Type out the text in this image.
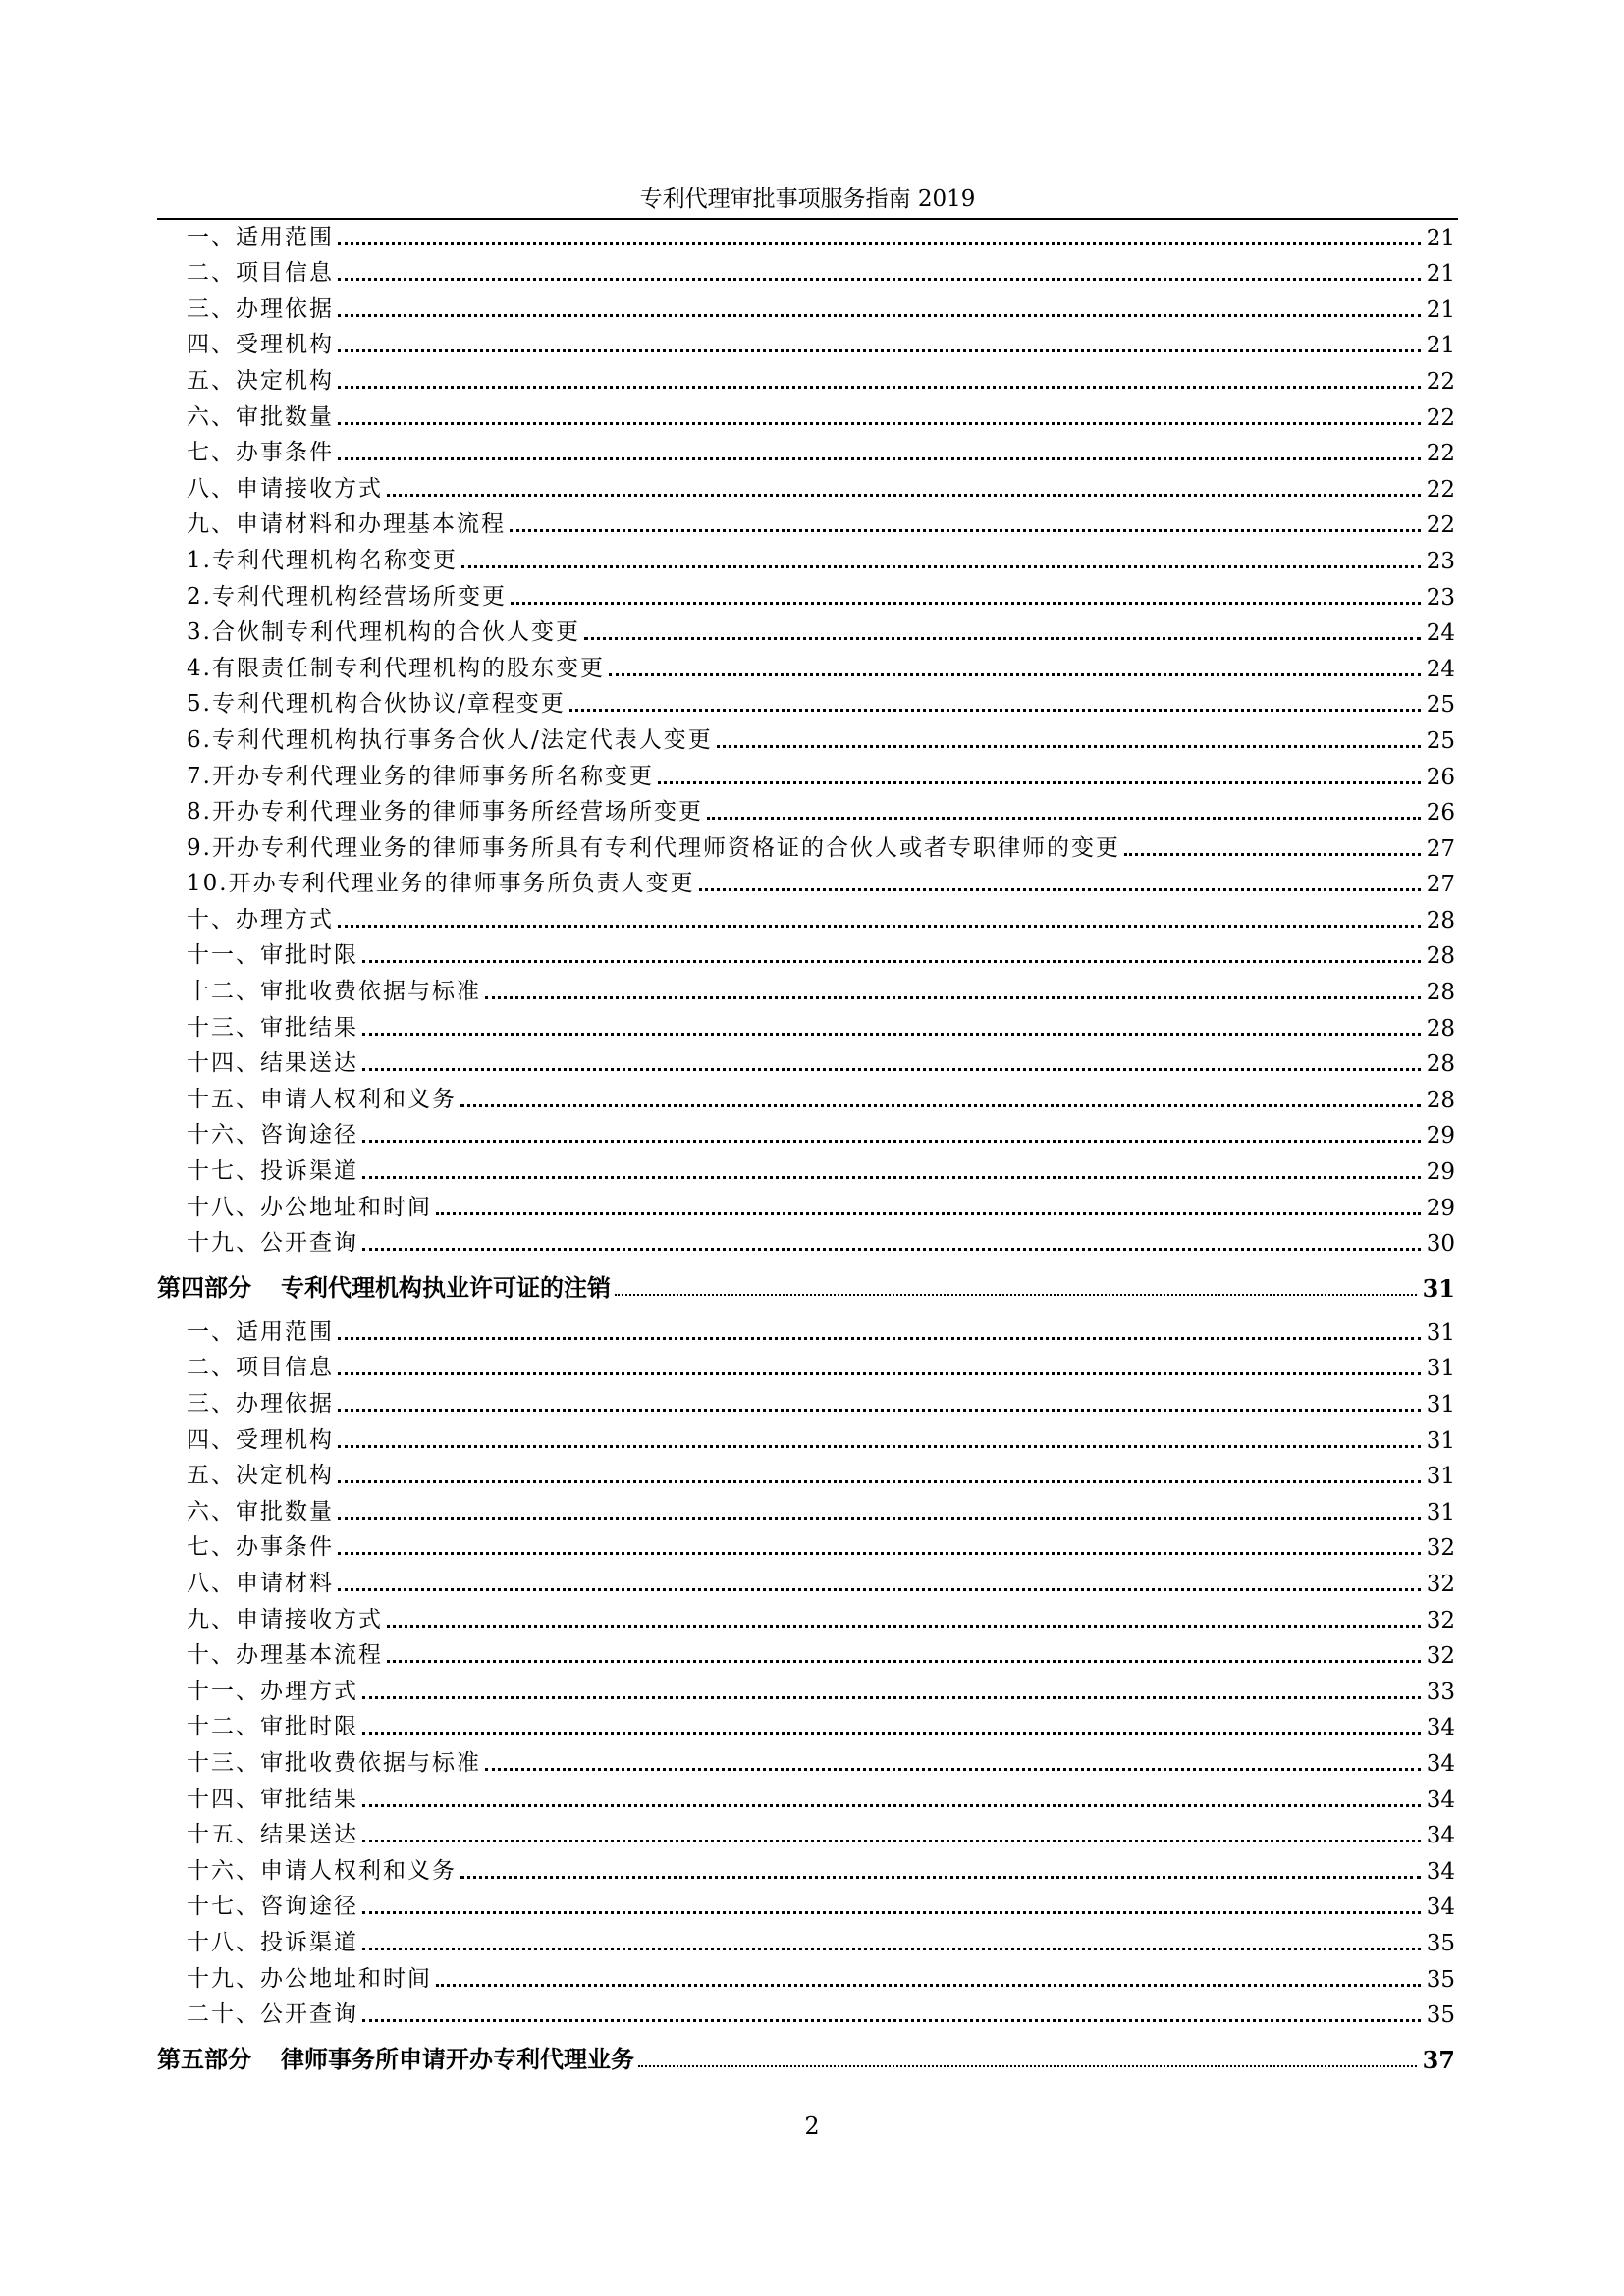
专利代理审批事项服务指南 2019
一、适用范围	21
二、项目信息	21
三、办理依据	21
四、受理机构	21
五、决定机构	22
六、审批数量	22
七、办事条件	22
八、申请接收方式	22
九、申请材料和办理基本流程	22
1.专利代理机构名称变更	23
2.专利代理机构经营场所变更	23
3.合伙制专利代理机构的合伙人变更	24
4.有限责任制专利代理机构的股东变更	24
5.专利代理机构合伙协议/章程变更	25
6.专利代理机构执行事务合伙人/法定代表人变更	25
7.开办专利代理业务的律师事务所名称变更	26
8.开办专利代理业务的律师事务所经营场所变更	26
9.开办专利代理业务的律师事务所具有专利代理师资格证的合伙人或者专职律师的变更	27
10.开办专利代理业务的律师事务所负责人变更	27
十、办理方式	28
十一、审批时限	28
十二、审批收费依据与标准	28
十三、审批结果	28
十四、结果送达	28
十五、申请人权利和义务	28
十六、咨询途径	29
十七、投诉渠道	29
十八、办公地址和时间	29
十九、公开查询	30
第四部分 专利代理机构执业许可证的注销	31
一、适用范围	31
二、项目信息	31
三、办理依据	31
四、受理机构	31
五、决定机构	31
六、审批数量	31
七、办事条件	32
八、申请材料	32
九、申请接收方式	32
十、办理基本流程	32
十一、办理方式	33
十二、审批时限	34
十三、审批收费依据与标准	34
十四、审批结果	34
十五、结果送达	34
十六、申请人权利和义务	34
十七、咨询途径	34
十八、投诉渠道	35
十九、办公地址和时间	35
二十、公开查询	35
第五部分 律师事务所申请开办专利代理业务	37
2
